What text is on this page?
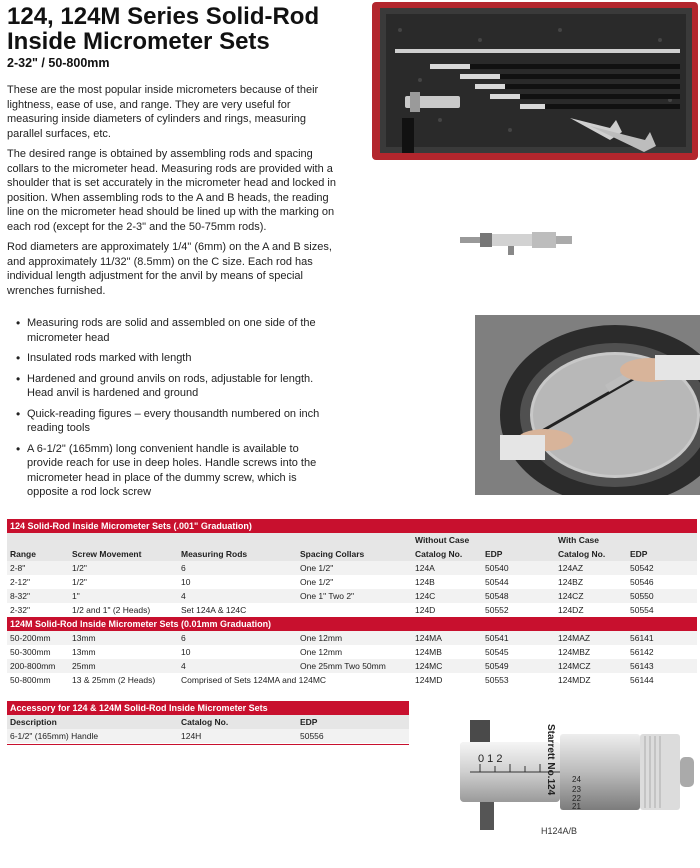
124, 124M Series Solid-Rod
Inside Micrometer Sets
2-32" / 50-800mm

These are the most popular inside micrometers because of their lightness, ease of use, and range. They are very useful for measuring inside diameters of cylinders and rings, measuring parallel surfaces, etc.

The desired range is obtained by assembling rods and spacing collars to the micrometer head. Measuring rods are provided with a shoulder that is set accurately in the micrometer head and locked in position. When assembling rods to the A and B heads, the reading line on the micrometer head should be lined up with the marking on each rod (except for the 2-3" and the 50-75mm rods).

Rod diameters are approximately 1/4" (6mm) on the A and B sizes, and approximately 11/32" (8.5mm) on the C size. Each rod has individual length adjustment for the anvil by means of special wrenches furnished.

• Measuring rods are solid and assembled on one side of the micrometer head
• Insulated rods marked with length
• Hardened and ground anvils on rods, adjustable for length. Head anvil is hardened and ground
• Quick-reading figures – every thousandth numbered on inch reading tools
• A 6-1/2" (165mm) long convenient handle is available to provide reach for use in deep holes. Handle screws into the micrometer head in place of the dummy screw, which is opposite a rod lock screw
124 Solid-Rod Inside Micrometer Sets (.001" Graduation)							
				Without Case		With Case	
Range	Screw Movement	Measuring Rods	Spacing Collars	Catalog No.	EDP	Catalog No.	EDP
2-8"	1/2"	6	One 1/2"	124A	50540	124AZ	50542
2-12"	1/2"	10	One 1/2"	124B	50544	124BZ	50546
8-32"	1"	4	One 1" Two 2"	124C	50548	124CZ	50550
2-32"	1/2 and 1" (2 Heads)	Set 124A & 124C		124D	50552	124DZ	50554
124M Solid-Rod Inside Micrometer Sets (0.01mm Graduation)							
50-200mm	13mm	6	One 12mm	124MA	50541	124MAZ	56141
50-300mm	13mm	10	One 12mm	124MB	50545	124MBZ	56142
200-800mm	25mm	4	One 25mm Two 50mm	124MC	50549	124MCZ	56143
50-800mm	13 & 25mm (2 Heads)	Comprised of Sets 124MA and 124MC		124MD	50553	124MDZ	56144
Accessory for 124 & 124M Solid-Rod Inside Micrometer Sets		
Description	Catalog No.	EDP
6-1/2" (165mm) Handle	124H	50556
0 1 2	Starrett No.124 24
23
22
21
H124A/B
